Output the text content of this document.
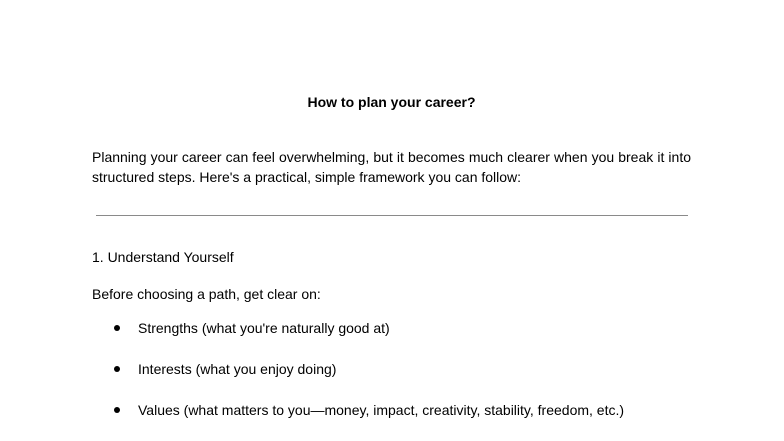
How to plan your career?
Planning your career can feel overwhelming, but it becomes much clearer when you break it into structured steps. Here's a practical, simple framework you can follow:
1. Understand Yourself
Before choosing a path, get clear on:
Strengths (what you're naturally good at)
Interests (what you enjoy doing)
Values (what matters to you—money, impact, creativity, stability, freedom, etc.)
